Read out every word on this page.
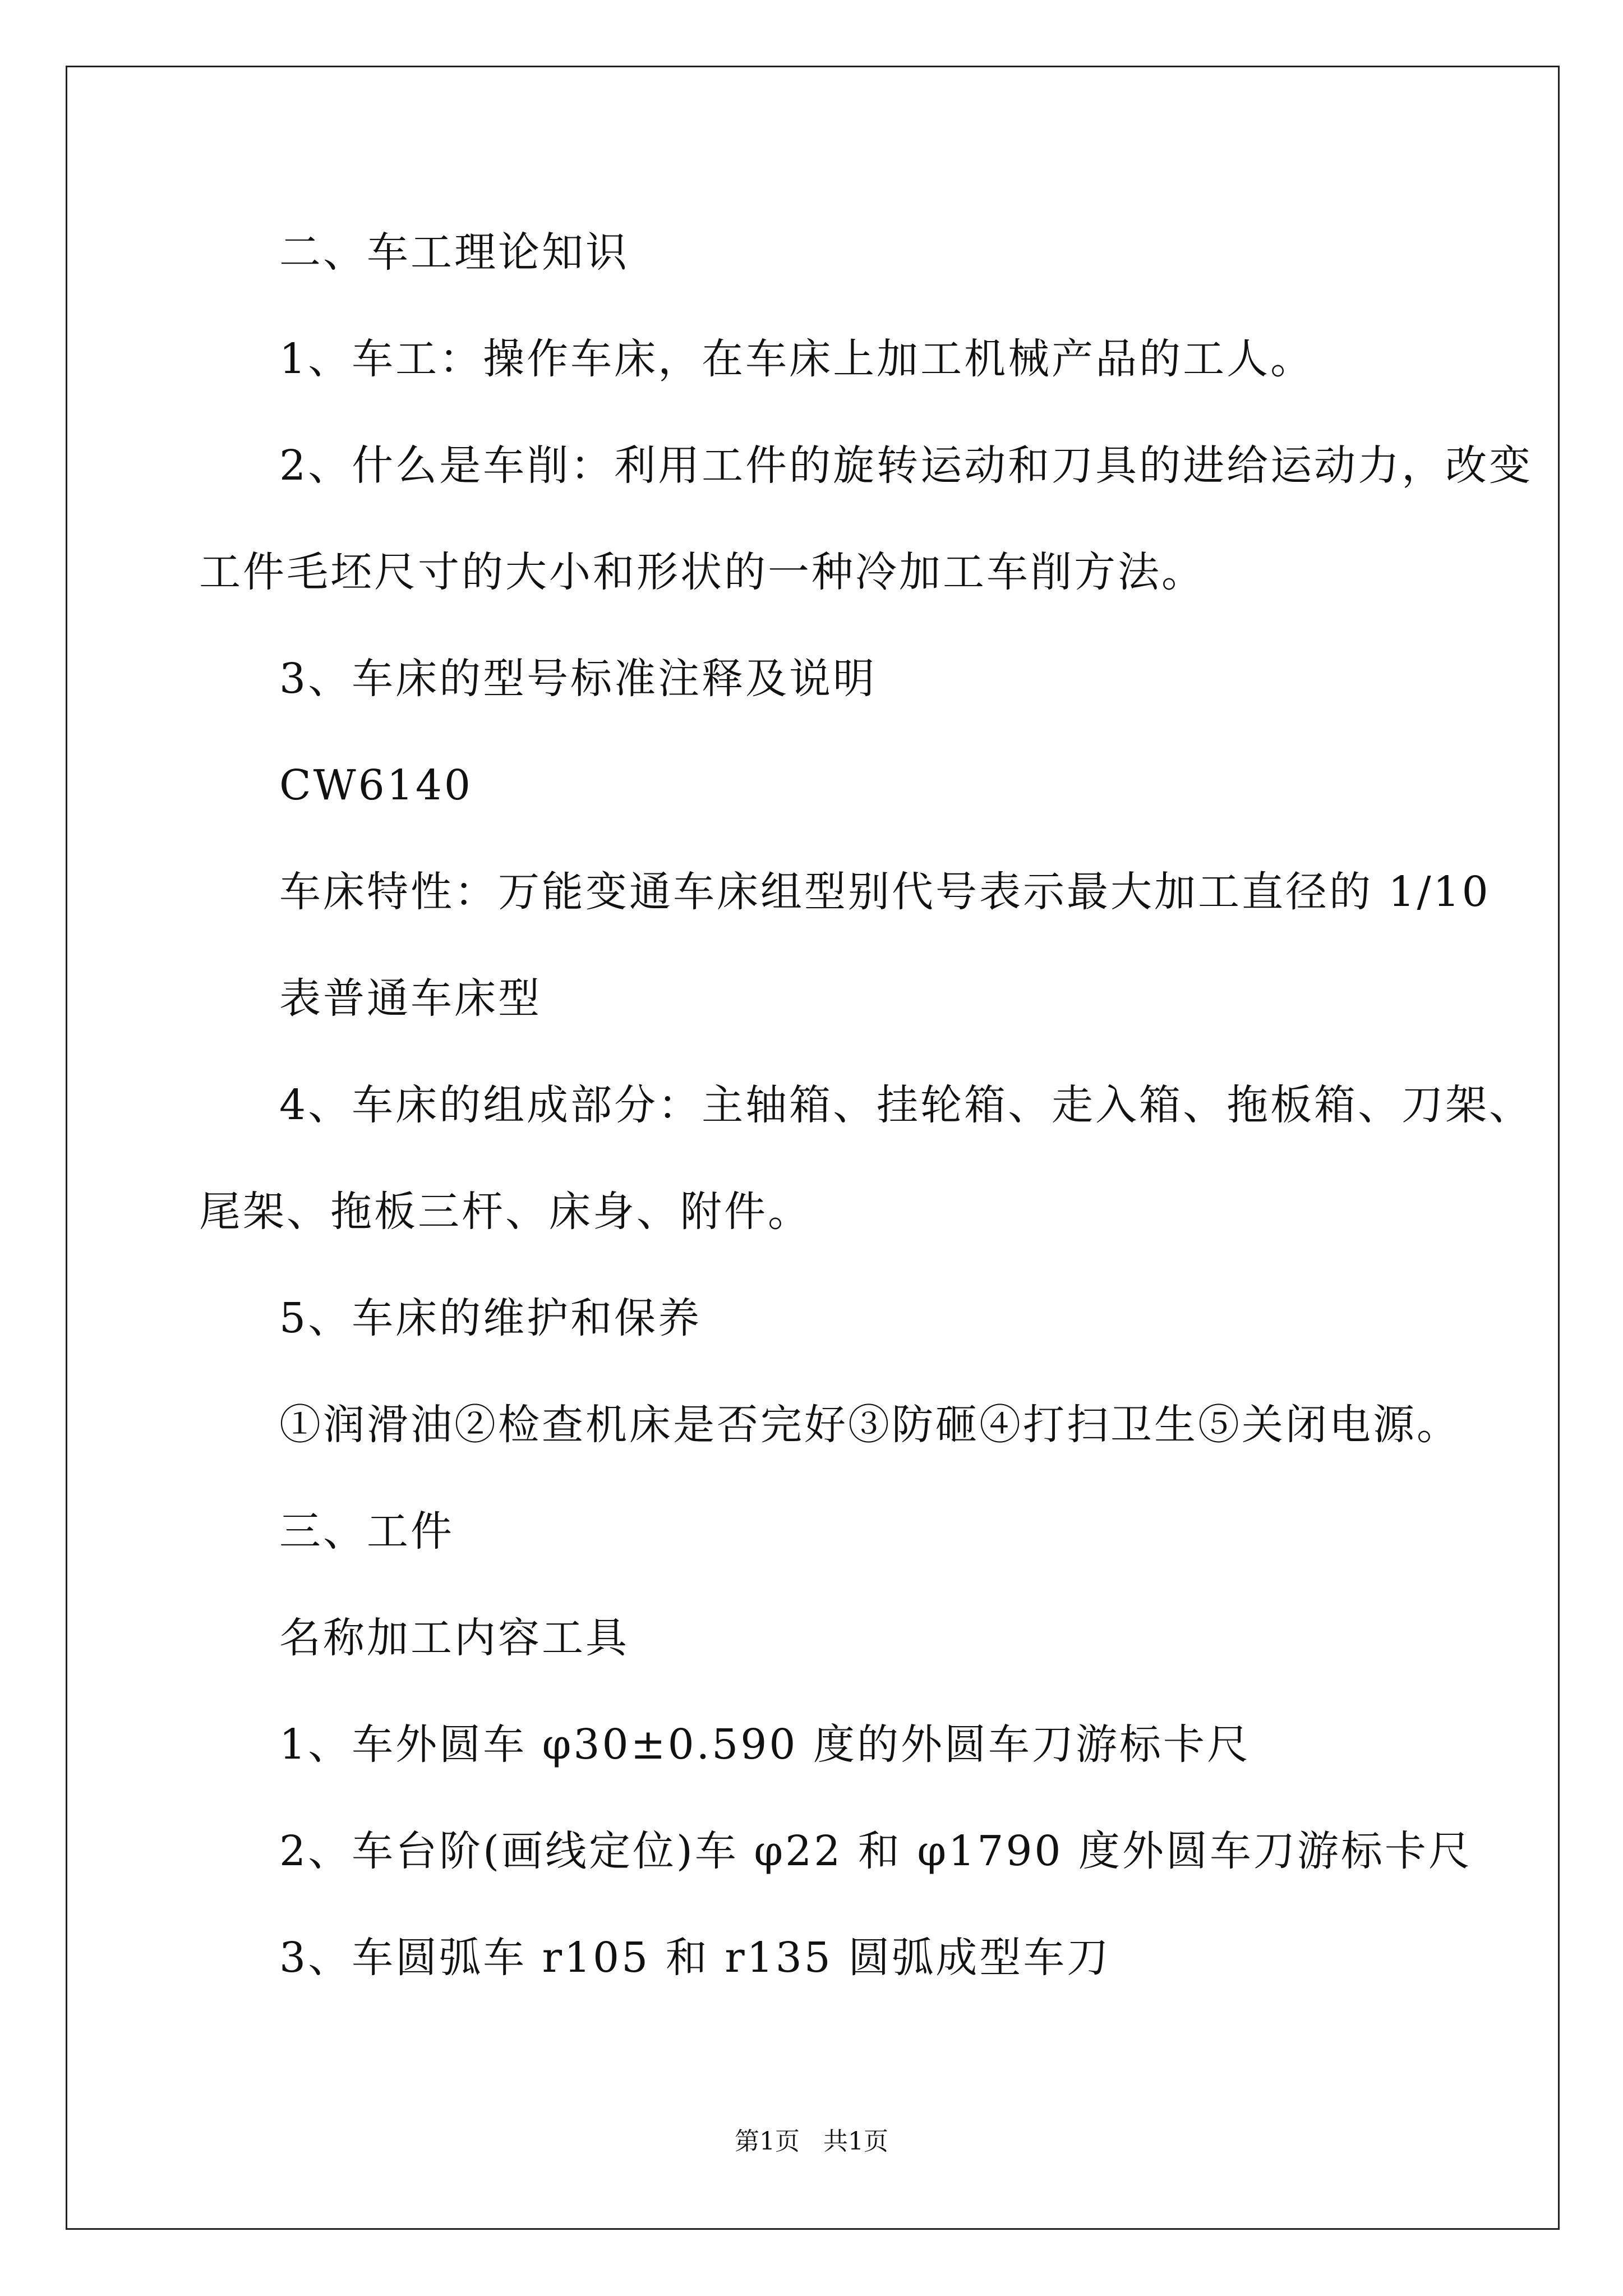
二、车工理论知识
1、车工：操作车床，在车床上加工机械产品的工人。
2、什么是车削：利用工件的旋转运动和刀具的进给运动力，改变
工件毛坯尺寸的大小和形状的一种冷加工车削方法。
3、车床的型号标准注释及说明
CW6140
车床特性：万能变通车床组型别代号表示最大加工直径的 1/10
表普通车床型
4、车床的组成部分：主轴箱、挂轮箱、走入箱、拖板箱、刀架、
尾架、拖板三杆、床身、附件。
5、车床的维护和保养
①润滑油②检查机床是否完好③防砸④打扫卫生⑤关闭电源。
三、工件
名称加工内容工具
1、车外圆车 φ30±0.590 度的外圆车刀游标卡尺
2、车台阶(画线定位)车 φ22 和 φ1790 度外圆车刀游标卡尺
3、车圆弧车 r105 和 r135 圆弧成型车刀
第1页   共1页
